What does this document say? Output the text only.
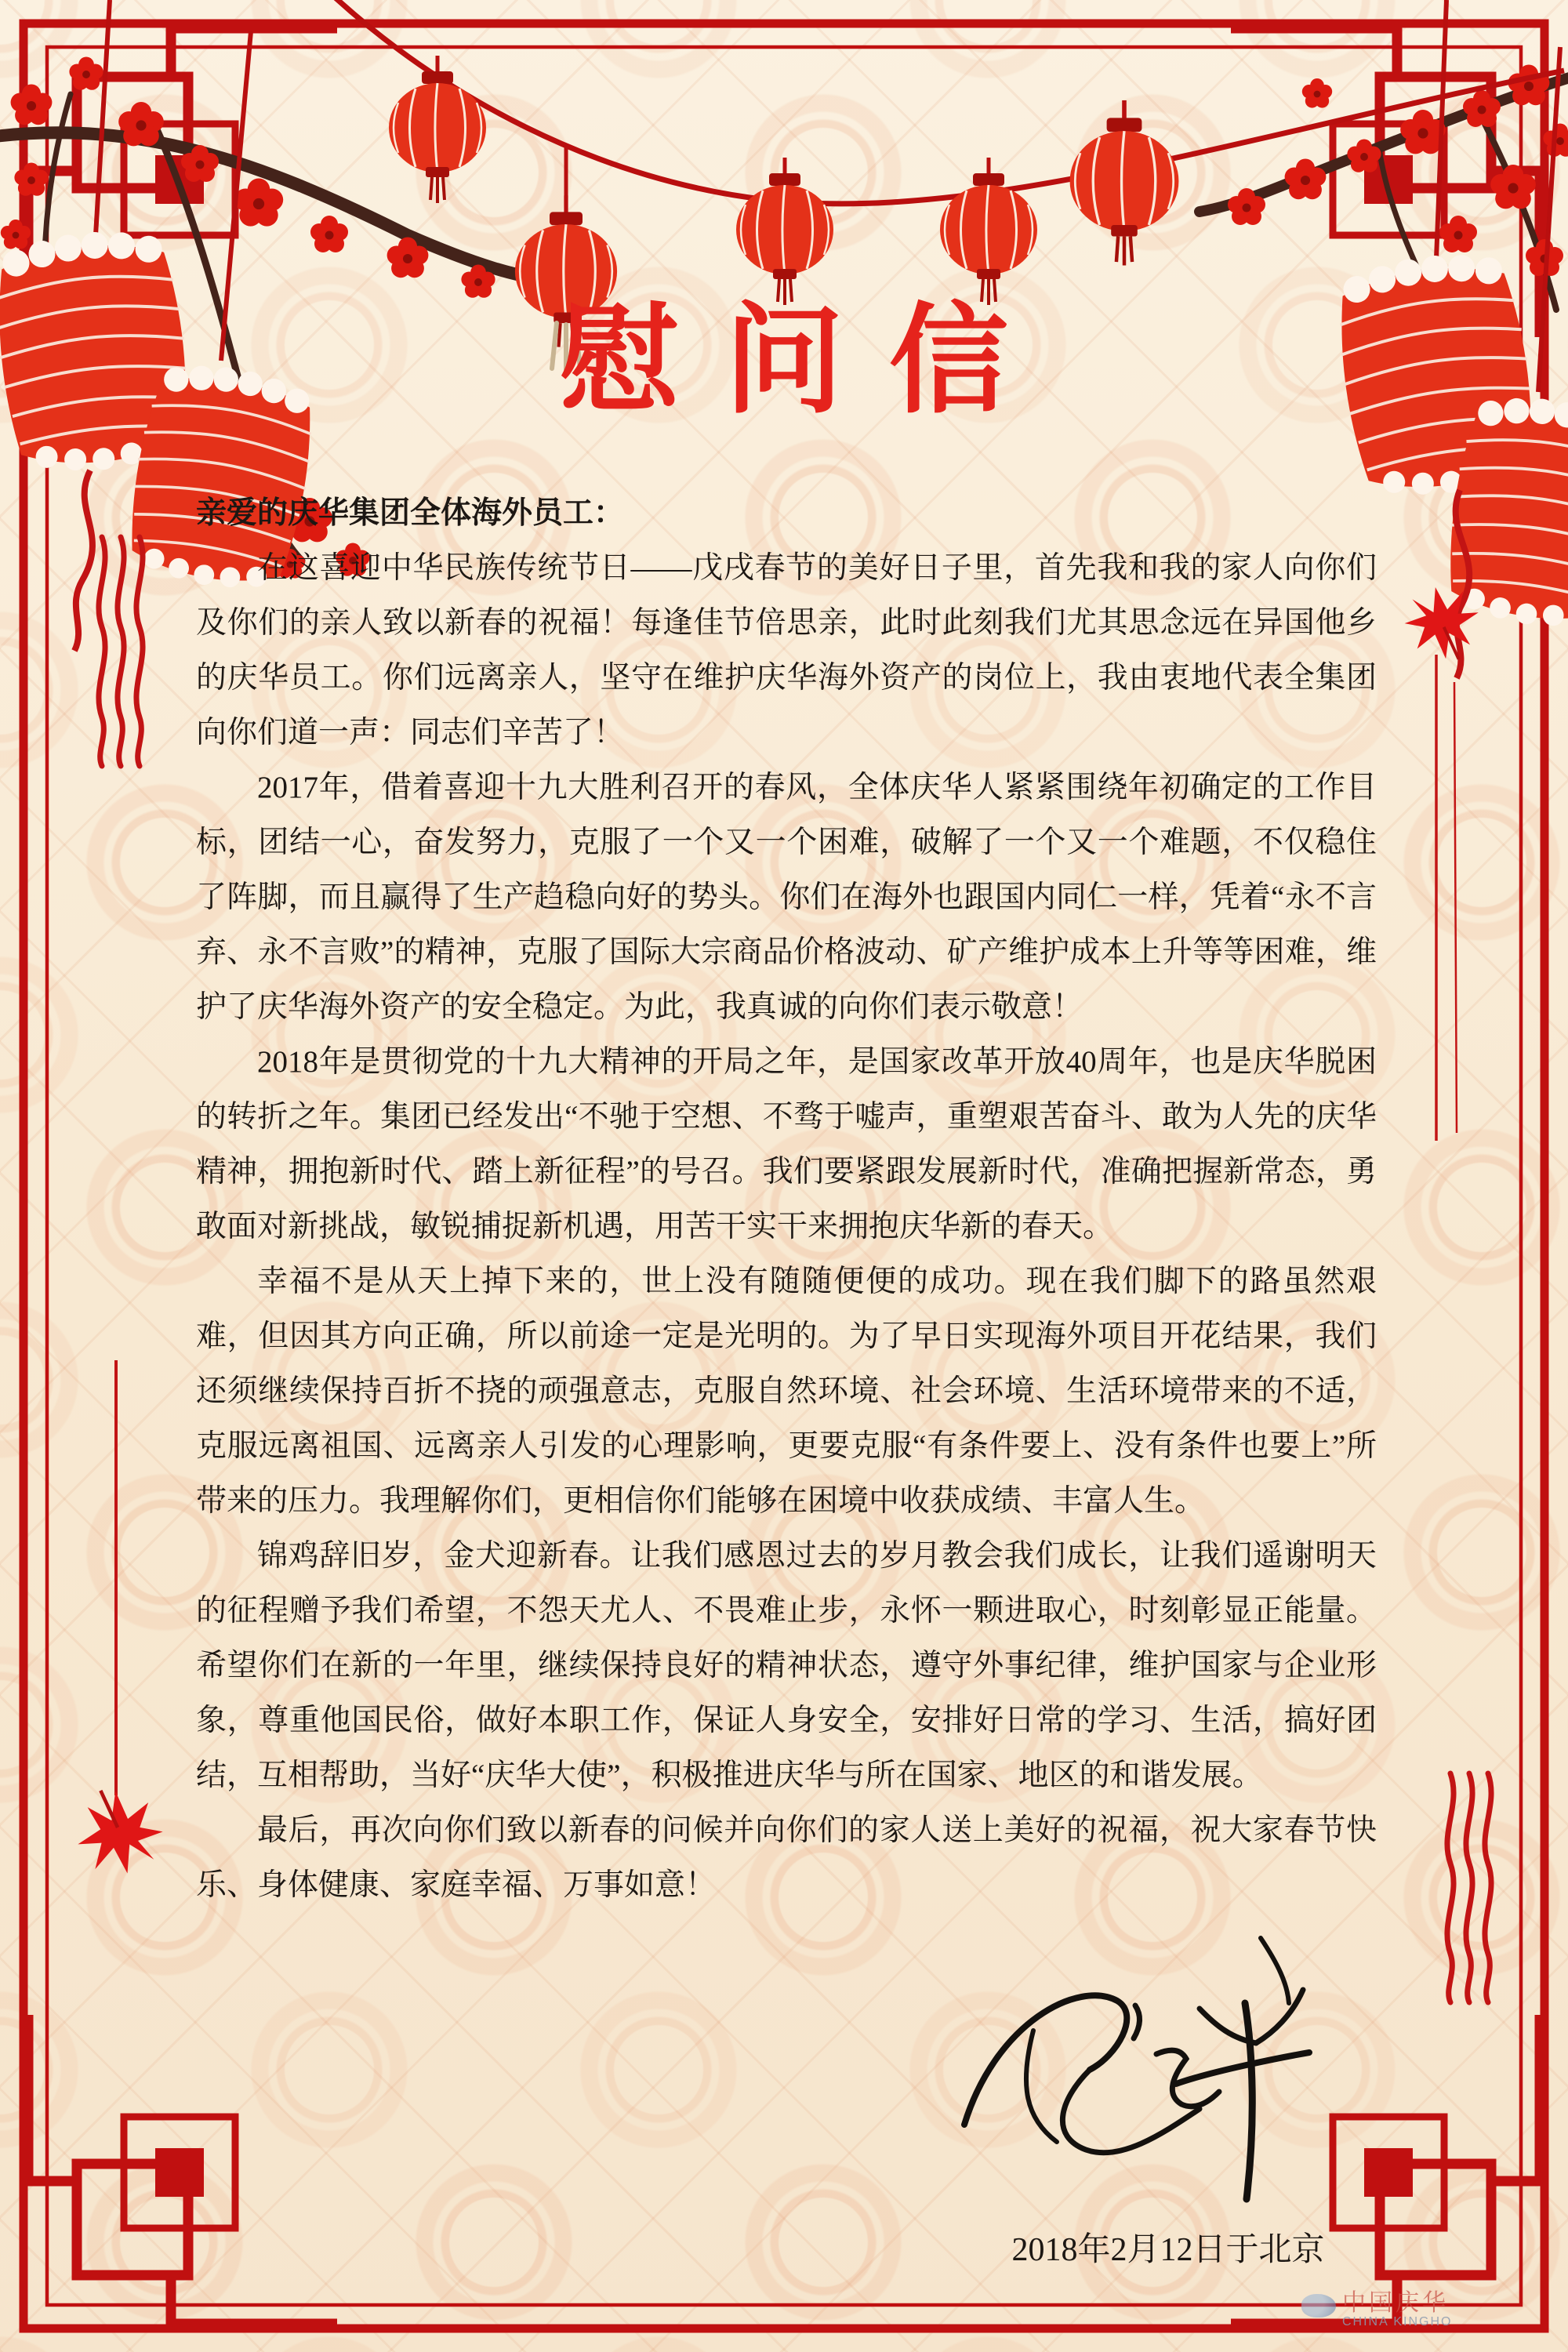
慰问信

亲爱的庆华集团全体海外员工：

在这喜迎中华民族传统节日——戊戌春节的美好日子里，首先我和我的家人向你们及你们的亲人致以新春的祝福！每逢佳节倍思亲，此时此刻我们尤其思念远在异国他乡的庆华员工。你们远离亲人，坚守在维护庆华海外资产的岗位上，我由衷地代表全集团向你们道一声：同志们辛苦了！

2017年，借着喜迎十九大胜利召开的春风，全体庆华人紧紧围绕年初确定的工作目标，团结一心，奋发努力，克服了一个又一个困难，破解了一个又一个难题，不仅稳住了阵脚，而且赢得了生产趋稳向好的势头。你们在海外也跟国内同仁一样，凭着“永不言弃、永不言败”的精神，克服了国际大宗商品价格波动、矿产维护成本上升等等困难，维护了庆华海外资产的安全稳定。为此，我真诚的向你们表示敬意！

2018年是贯彻党的十九大精神的开局之年，是国家改革开放40周年，也是庆华脱困的转折之年。集团已经发出“不驰于空想、不骛于嘘声，重塑艰苦奋斗、敢为人先的庆华精神，拥抱新时代、踏上新征程”的号召。我们要紧跟发展新时代，准确把握新常态，勇敢面对新挑战，敏锐捕捉新机遇，用苦干实干来拥抱庆华新的春天。

幸福不是从天上掉下来的，世上没有随随便便的成功。现在我们脚下的路虽然艰难，但因其方向正确，所以前途一定是光明的。为了早日实现海外项目开花结果，我们还须继续保持百折不挠的顽强意志，克服自然环境、社会环境、生活环境带来的不适，克服远离祖国、远离亲人引发的心理影响，更要克服“有条件要上、没有条件也要上”所带来的压力。我理解你们，更相信你们能够在困境中收获成绩、丰富人生。

锦鸡辞旧岁，金犬迎新春。让我们感恩过去的岁月教会我们成长，让我们遥谢明天的征程赠予我们希望，不怨天尤人、不畏难止步，永怀一颗进取心，时刻彰显正能量。希望你们在新的一年里，继续保持良好的精神状态，遵守外事纪律，维护国家与企业形象，尊重他国民俗，做好本职工作，保证人身安全，安排好日常的学习、生活，搞好团结，互相帮助，当好“庆华大使”，积极推进庆华与所在国家、地区的和谐发展。

最后，再次向你们致以新春的问候并向你们的家人送上美好的祝福，祝大家春节快乐、身体健康、家庭幸福、万事如意！

2018年2月12日于北京
中国庆华
CHINA KINGHO
